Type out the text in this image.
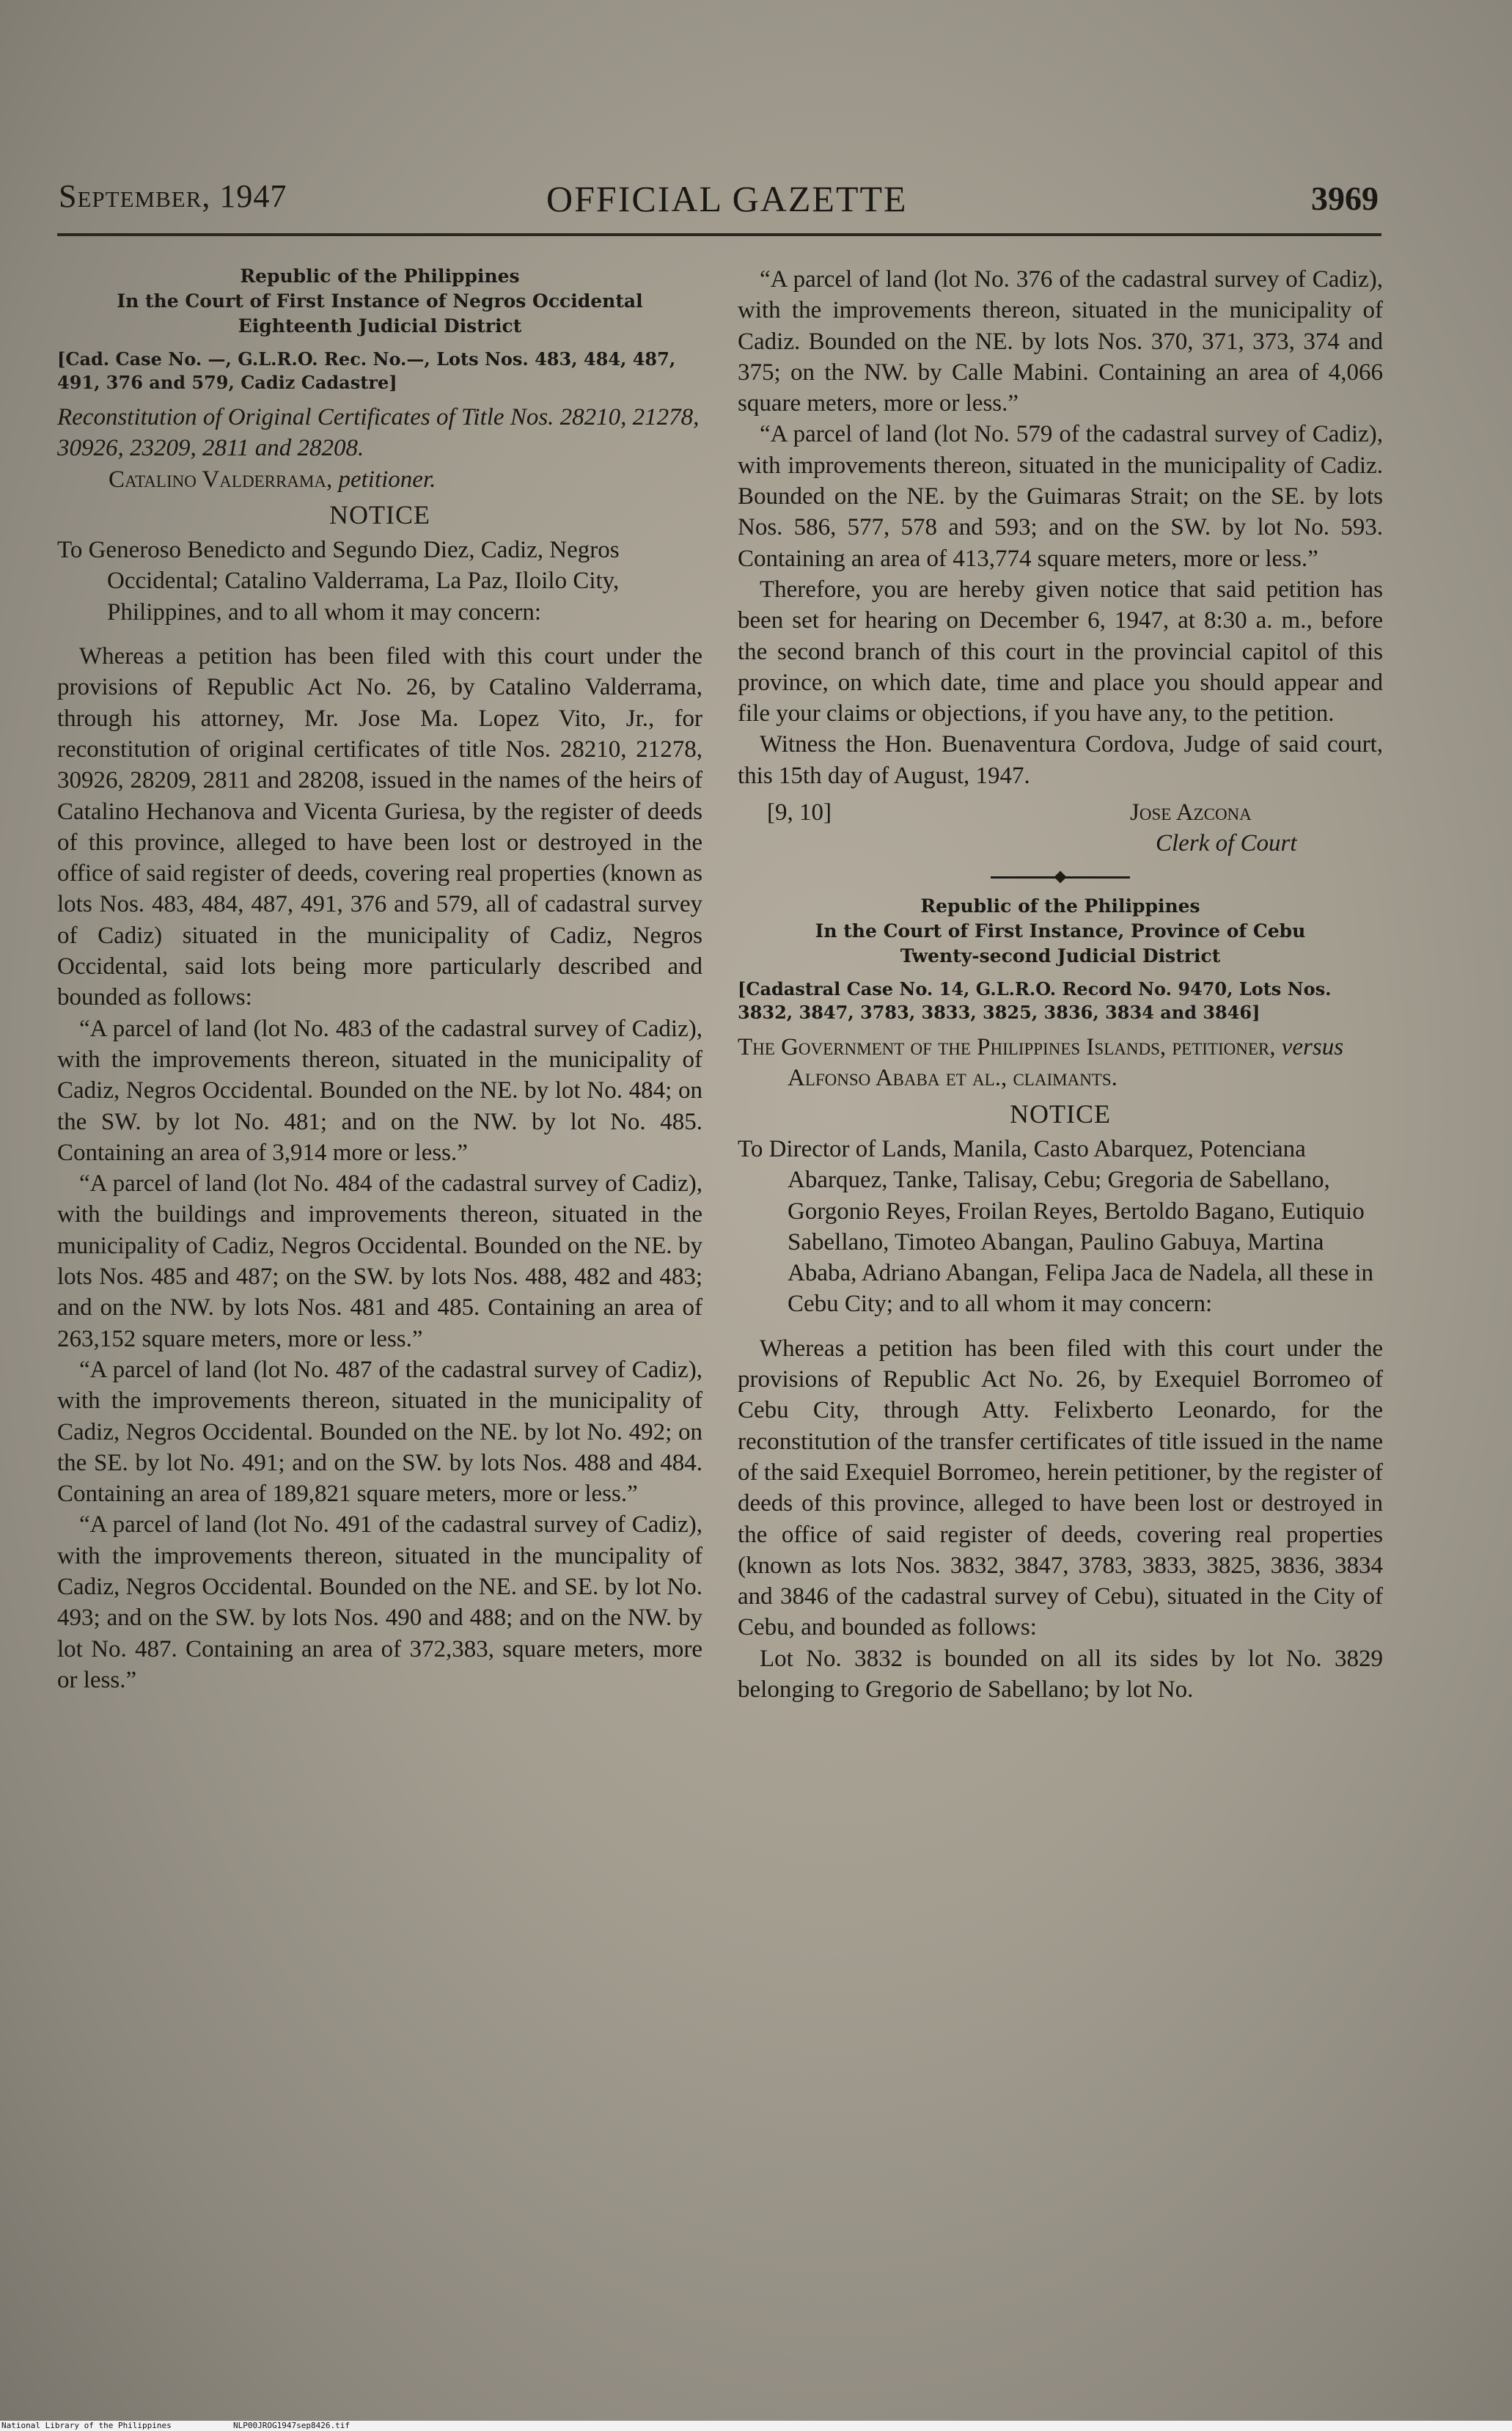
September, 1947	OFFICIAL GAZETTE	3969
Republic of the Philippines
In the Court of First Instance of Negros Occidental
Eighteenth Judicial District
[Cad. Case No. —, G.L.R.O. Rec. No.—, Lots Nos. 483, 484, 487, 491, 376 and 579, Cadiz Cadastre]

Reconstitution of Original Certificates of Title Nos. 28210, 21278, 30926, 23209, 2811 and 28208.

Catalino Valderrama, petitioner.

NOTICE

To Generoso Benedicto and Segundo Diez, Cadiz, Negros Occidental; Catalino Valderrama, La Paz, Iloilo City, Philippines, and to all whom it may concern:

Whereas a petition has been filed with this court under the provisions of Republic Act No. 26, by Catalino Valderrama, through his attorney, Mr. Jose Ma. Lopez Vito, Jr., for reconstitution of original certificates of title Nos. 28210, 21278, 30926, 28209, 2811 and 28208, issued in the names of the heirs of Catalino Hechanova and Vicenta Guriesa, by the register of deeds of this province, alleged to have been lost or destroyed in the office of said register of deeds, covering real properties (known as lots Nos. 483, 484, 487, 491, 376 and 579, all of cadastral survey of Cadiz) situated in the municipality of Cadiz, Negros Occidental, said lots being more particularly described and bounded as follows:

“A parcel of land (lot No. 483 of the cadastral survey of Cadiz), with the improvements thereon, situated in the municipality of Cadiz, Negros Occidental. Bounded on the NE. by lot No. 484; on the SW. by lot No. 481; and on the NW. by lot No. 485. Containing an area of 3,914 more or less.”

“A parcel of land (lot No. 484 of the cadastral survey of Cadiz), with the buildings and improvements thereon, situated in the municipality of Cadiz, Negros Occidental. Bounded on the NE. by lots Nos. 485 and 487; on the SW. by lots Nos. 488, 482 and 483; and on the NW. by lots Nos. 481 and 485. Containing an area of 263,152 square meters, more or less.”

“A parcel of land (lot No. 487 of the cadastral survey of Cadiz), with the improvements thereon, situated in the municipality of Cadiz, Negros Occidental. Bounded on the NE. by lot No. 492; on the SE. by lot No. 491; and on the SW. by lots Nos. 488 and 484. Containing an area of 189,821 square meters, more or less.”

“A parcel of land (lot No. 491 of the cadastral survey of Cadiz), with the improvements thereon, situated in the muncipality of Cadiz, Negros Occidental. Bounded on the NE. and SE. by lot No. 493; and on the SW. by lots Nos. 490 and 488; and on the NW. by lot No. 487. Containing an area of 372,383, square meters, more or less.”

“A parcel of land (lot No. 376 of the cadastral survey of Cadiz), with the improvements thereon, situated in the municipality of Cadiz. Bounded on the NE. by lots Nos. 370, 371, 373, 374 and 375; on the NW. by Calle Mabini. Containing an area of 4,066 square meters, more or less.”

“A parcel of land (lot No. 579 of the cadastral survey of Cadiz), with improvements thereon, situated in the municipality of Cadiz. Bounded on the NE. by the Guimaras Strait; on the SE. by lots Nos. 586, 577, 578 and 593; and on the SW. by lot No. 593. Containing an area of 413,774 square meters, more or less.”

Therefore, you are hereby given notice that said petition has been set for hearing on December 6, 1947, at 8:30 a. m., before the second branch of this court in the provincial capitol of this province, on which date, time and place you should appear and file your claims or objections, if you have any, to the petition.

Witness the Hon. Buenaventura Cordova, Judge of said court, this 15th day of August, 1947.

[9, 10]	Jose Azcona
Clerk of Court
Republic of the Philippines
In the Court of First Instance, Province of Cebu
Twenty-second Judicial District
[Cadastral Case No. 14, G.L.R.O. Record No. 9470, Lots Nos. 3832, 3847, 3783, 3833, 3825, 3836, 3834 and 3846]

The Government of the Philippines Islands, petitioner, versus Alfonso Ababa et al., claimants.

NOTICE

To Director of Lands, Manila, Casto Abarquez, Potenciana Abarquez, Tanke, Talisay, Cebu; Gregoria de Sabellano, Gorgonio Reyes, Froilan Reyes, Bertoldo Bagano, Eutiquio Sabellano, Timoteo Abangan, Paulino Gabuya, Martina Ababa, Adriano Abangan, Felipa Jaca de Nadela, all these in Cebu City; and to all whom it may concern:

Whereas a petition has been filed with this court under the provisions of Republic Act No. 26, by Exequiel Borromeo of Cebu City, through Atty. Felixberto Leonardo, for the reconstitution of the transfer certificates of title issued in the name of the said Exequiel Borromeo, herein petitioner, by the register of deeds of this province, alleged to have been lost or destroyed in the office of said register of deeds, covering real properties (known as lots Nos. 3832, 3847, 3783, 3833, 3825, 3836, 3834 and 3846 of the cadastral survey of Cebu), situated in the City of Cebu, and bounded as follows:

Lot No. 3832 is bounded on all its sides by lot No. 3829 belonging to Gregorio de Sabellano; by lot No.

National Library of the Philippines	NLP00JROG1947sep8426.tif
